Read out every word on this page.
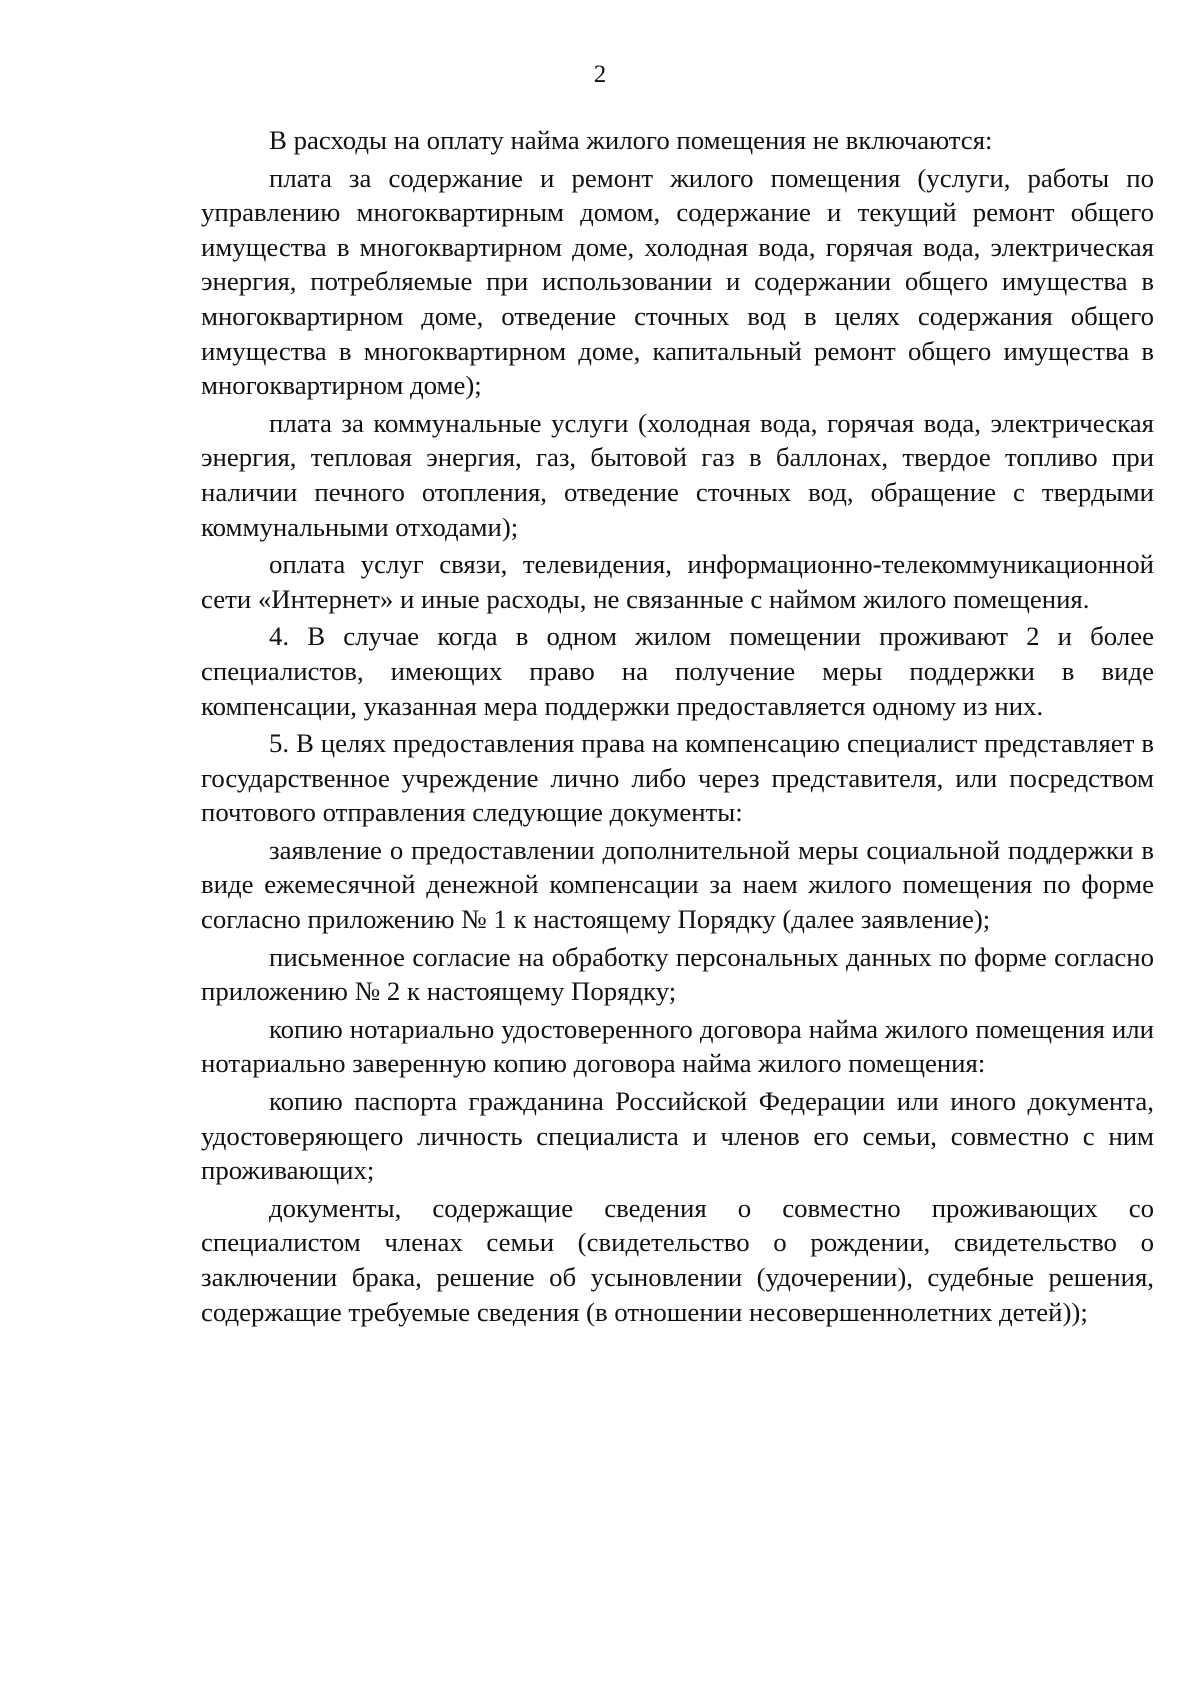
2

В расходы на оплату найма жилого помещения не включаются:

плата за содержание и ремонт жилого помещения (услуги, работы по управлению многоквартирным домом, содержание и текущий ремонт общего имущества в многоквартирном доме, холодная вода, горячая вода, электрическая энергия, потребляемые при использовании и содержании общего имущества в многоквартирном доме, отведение сточных вод в целях содержания общего имущества в многоквартирном доме, капитальный ремонт общего имущества в многоквартирном доме);

плата за коммунальные услуги (холодная вода, горячая вода, электрическая энергия, тепловая энергия, газ, бытовой газ в баллонах, твердое топливо при наличии печного отопления, отведение сточных вод, обращение с твердыми коммунальными отходами);

оплата услуг связи, телевидения, информационно-телекоммуникационной сети «Интернет» и иные расходы, не связанные с наймом жилого помещения.

4. В случае когда в одном жилом помещении проживают 2 и более специалистов, имеющих право на получение меры поддержки в виде компенсации, указанная мера поддержки предоставляется одному из них.

5. В целях предоставления права на компенсацию специалист представляет в государственное учреждение лично либо через представителя, или посредством почтового отправления следующие документы:

заявление о предоставлении дополнительной меры социальной поддержки в виде ежемесячной денежной компенсации за наем жилого помещения по форме согласно приложению № 1 к настоящему Порядку (далее заявление);

письменное согласие на обработку персональных данных по форме согласно приложению № 2 к настоящему Порядку;

копию нотариально удостоверенного договора найма жилого помещения или нотариально заверенную копию договора найма жилого помещения:

копию паспорта гражданина Российской Федерации или иного документа, удостоверяющего личность специалиста и членов его семьи, совместно с ним проживающих;

документы, содержащие сведения о совместно проживающих со специалистом членах семьи (свидетельство о рождении, свидетельство о заключении брака, решение об усыновлении (удочерении), судебные решения, содержащие требуемые сведения (в отношении несовершеннолетних детей));
